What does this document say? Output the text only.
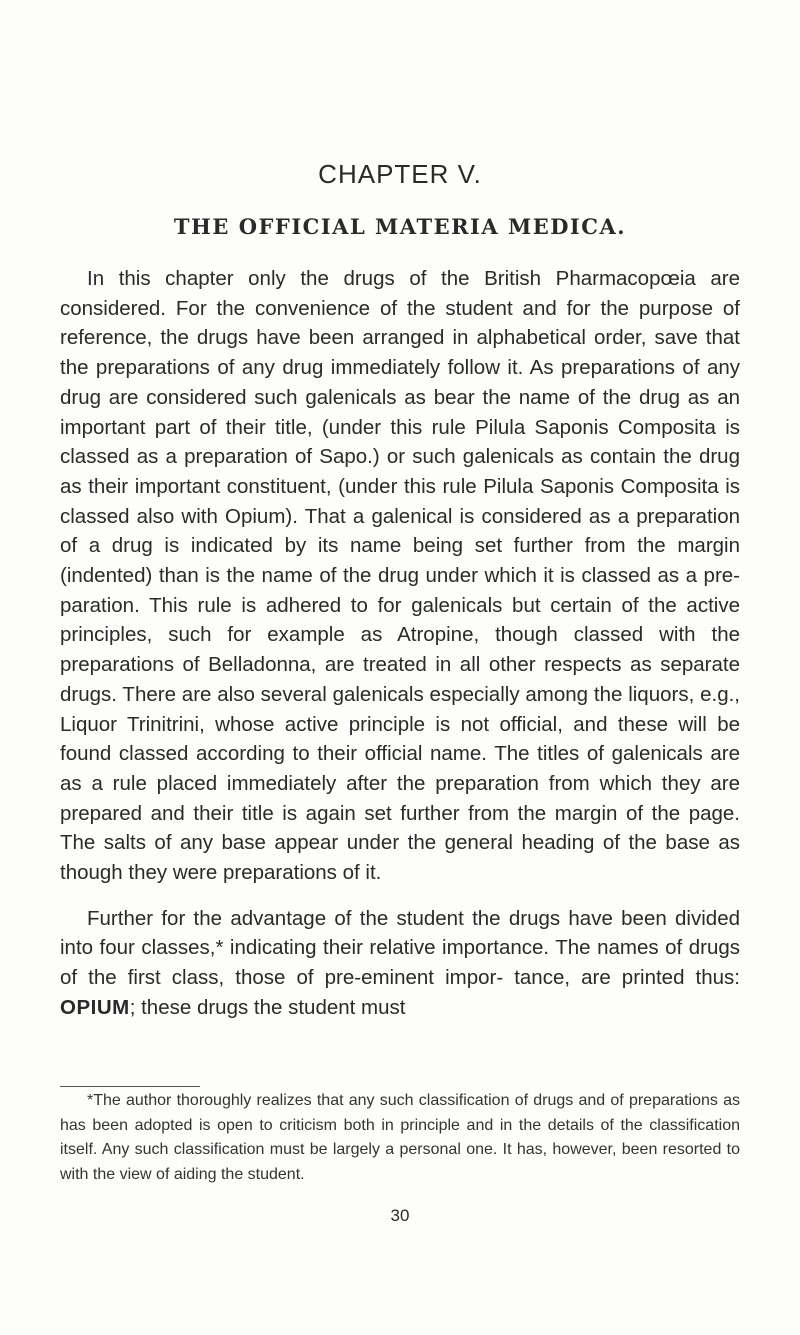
CHAPTER V.
THE OFFICIAL MATERIA MEDICA.

In this chapter only the drugs of the British Pharmacopœia are considered. For the convenience of the student and for the purpose of reference, the drugs have been arranged in alphabetical order, save that the preparations of any drug immediately follow it. As preparations of any drug are considered such galenicals as bear the name of the drug as an important part of their title, (under this rule Pilula Saponis Composita is classed as a preparation of Sapo.) or such galenicals as contain the drug as their important constituent, (under this rule Pilula Saponis Composita is classed also with Opium). That a galenical is considered as a preparation of a drug is indicated by its name being set further from the margin (indented) than is the name of the drug under which it is classed as a pre- paration. This rule is adhered to for galenicals but certain of the active principles, such for example as Atropine, though classed with the preparations of Belladonna, are treated in all other respects as separate drugs. There are also several galenicals especially among the liquors, e.g., Liquor Trinitrini, whose active principle is not official, and these will be found classed according to their official name. The titles of galenicals are as a rule placed immediately after the preparation from which they are prepared and their title is again set further from the margin of the page. The salts of any base appear under the general heading of the base as though they were preparations of it.

Further for the advantage of the student the drugs have been divided into four classes,* indicating their relative importance. The names of drugs of the first class, those of pre-eminent impor- tance, are printed thus: OPIUM; these drugs the student must

*The author thoroughly realizes that any such classification of drugs and of preparations as has been adopted is open to criticism both in principle and in the details of the classification itself. Any such classification must be largely a personal one. It has, however, been resorted to with the view of aiding the student.

30
